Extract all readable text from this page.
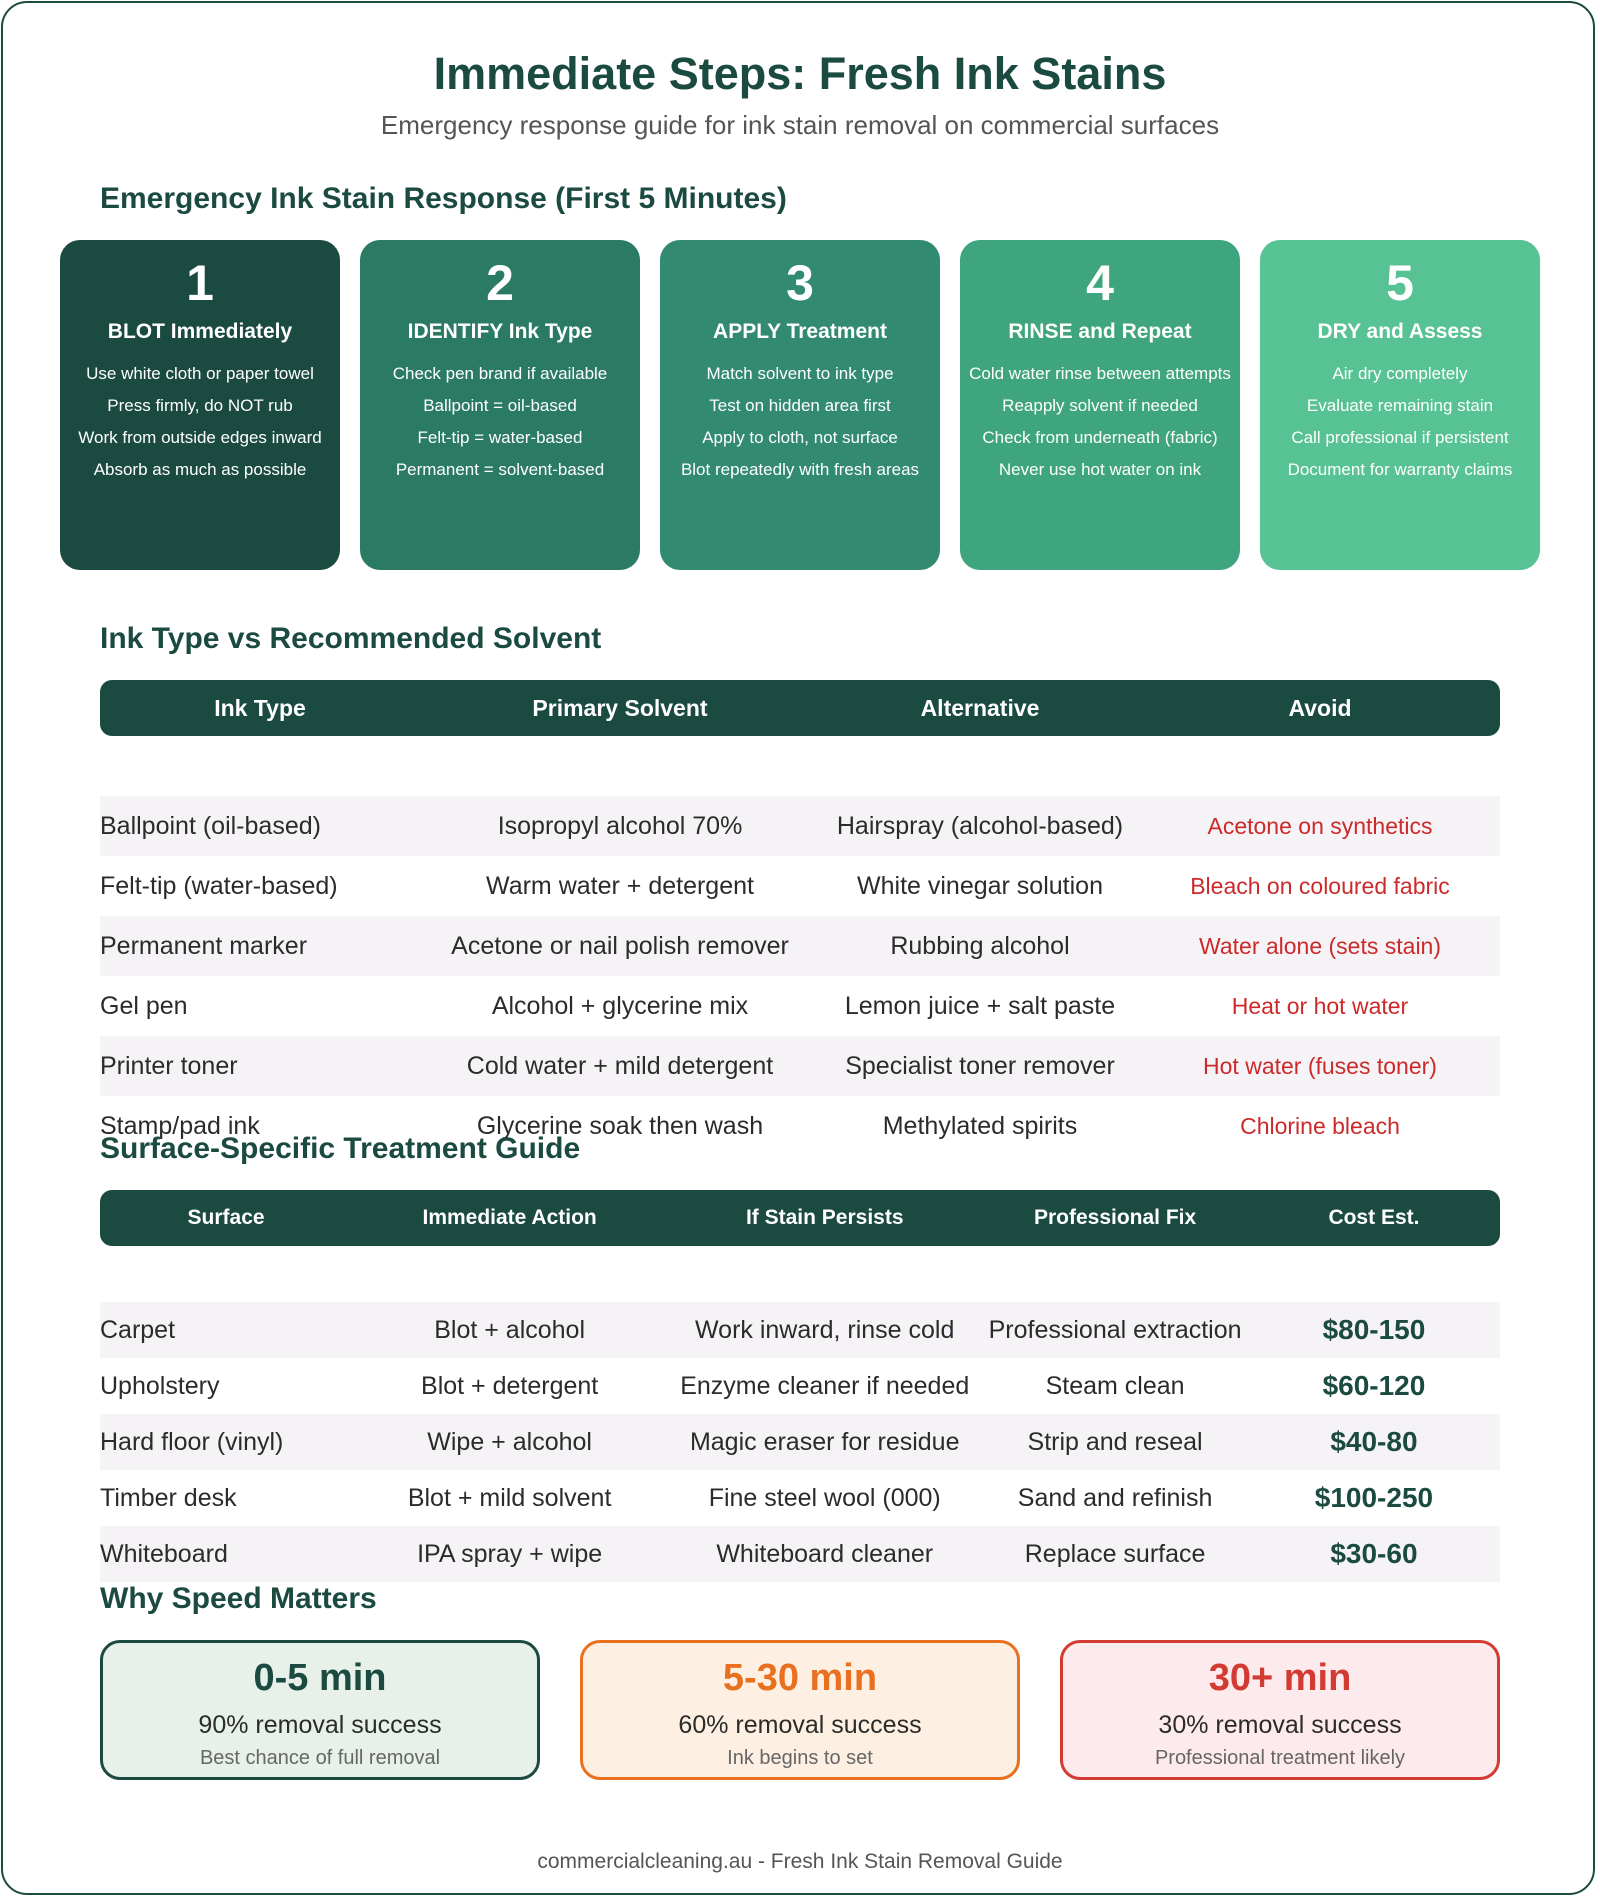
Immediate Steps: Fresh Ink Stains
Emergency response guide for ink stain removal on commercial surfaces
Emergency Ink Stain Response (First 5 Minutes)
1
BLOT Immediately
Use white cloth or paper towel
Press firmly, do NOT rub
Work from outside edges inward
Absorb as much as possible
2
IDENTIFY Ink Type
Check pen brand if available
Ballpoint = oil-based
Felt-tip = water-based
Permanent = solvent-based
3
APPLY Treatment
Match solvent to ink type
Test on hidden area first
Apply to cloth, not surface
Blot repeatedly with fresh areas
4
RINSE and Repeat
Cold water rinse between attempts
Reapply solvent if needed
Check from underneath (fabric)
Never use hot water on ink
5
DRY and Assess
Air dry completely
Evaluate remaining stain
Call professional if persistent
Document for warranty claims
Ink Type vs Recommended Solvent
Ink Type	Primary Solvent	Alternative	Avoid

Ballpoint (oil-based)	Isopropyl alcohol 70%	Hairspray (alcohol-based)	Acetone on synthetics
Felt-tip (water-based)	Warm water + detergent	White vinegar solution	Bleach on coloured fabric
Permanent marker	Acetone or nail polish remover	Rubbing alcohol	Water alone (sets stain)
Gel pen	Alcohol + glycerine mix	Lemon juice + salt paste	Heat or hot water
Printer toner	Cold water + mild detergent	Specialist toner remover	Hot water (fuses toner)
Stamp/pad ink	Glycerine soak then wash	Methylated spirits	Chlorine bleach
Surface-Specific Treatment Guide
Surface	Immediate Action	If Stain Persists	Professional Fix	Cost Est.

Carpet	Blot + alcohol	Work inward, rinse cold	Professional extraction	$80-150
Upholstery	Blot + detergent	Enzyme cleaner if needed	Steam clean	$60-120
Hard floor (vinyl)	Wipe + alcohol	Magic eraser for residue	Strip and reseal	$40-80
Timber desk	Blot + mild solvent	Fine steel wool (000)	Sand and refinish	$100-250
Whiteboard	IPA spray + wipe	Whiteboard cleaner	Replace surface	$30-60
Why Speed Matters
0-5 min
90% removal success
Best chance of full removal
5-30 min
60% removal success
Ink begins to set
30+ min
30% removal success
Professional treatment likely
commercialcleaning.au - Fresh Ink Stain Removal Guide
